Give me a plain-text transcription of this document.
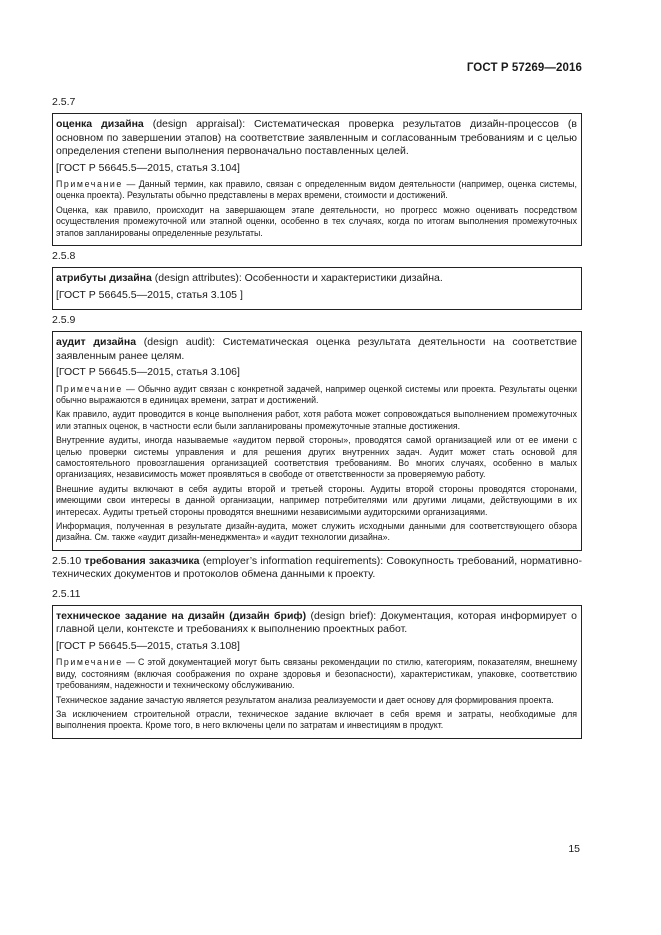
ГОСТ Р 57269—2016
2.5.7

оценка дизайна (design appraisal): Систематическая проверка результатов дизайн-процессов (в основном по завершении этапов) на соответствие заявленным и согласованным требованиям и с целью определения степени выполнения первоначально поставленных целей.

[ГОСТ Р 56645.5—2015, статья 3.104]

Примечание — Данный термин, как правило, связан с определенным видом деятельности (например, оценка системы, оценка проекта). Результаты обычно представлены в мерах времени, стоимости и достижений.

Оценка, как правило, происходит на завершающем этапе деятельности, но прогресс можно оценивать посредством осуществления промежуточной или этапной оценки, особенно в тех случаях, когда по итогам выполнения промежуточных этапов запланированы определенные результаты.

2.5.8

атрибуты дизайна (design attributes): Особенности и характеристики дизайна.

[ГОСТ Р 56645.5—2015, статья 3.105 ]

2.5.9

аудит дизайна (design audit): Систематическая оценка результата деятельности на соответствие заявленным ранее целям.

[ГОСТ Р 56645.5—2015, статья 3.106]

Примечание — Обычно аудит связан с конкретной задачей, например оценкой системы или проекта. Результаты оценки обычно выражаются в единицах времени, затрат и достижений.

Как правило, аудит проводится в конце выполнения работ, хотя работа может сопровождаться выполнением промежуточных или этапных оценок, в частности если были запланированы промежуточные этапные достижения.

Внутренние аудиты, иногда называемые «аудитом первой стороны», проводятся самой организацией или от ее имени с целью проверки системы управления и для решения других внутренних задач. Аудит может стать основой для самостоятельного провозглашения организацией соответствия требованиям. Во многих случаях, особенно в малых организациях, независимость может проявляться в свободе от ответственности за проверяемую работу.

Внешние аудиты включают в себя аудиты второй и третьей стороны. Аудиты второй стороны проводятся сторонами, имеющими свои интересы в данной организации, например потребителями или другими лицами, действующими в их интересах. Аудиты третьей стороны проводятся внешними независимыми аудиторскими организациями.

Информация, полученная в результате дизайн-аудита, может служить исходными данными для соответствующего обзора дизайна. См. также «аудит дизайн-менеджмента» и «аудит технологии дизайна».

2.5.10 требования заказчика (employer’s information requirements): Совокупность требований, нормативно-технических документов и протоколов обмена данными к проекту.

2.5.11

техническое задание на дизайн (дизайн бриф) (design brief): Документация, которая информирует о главной цели, контексте и требованиях к выполнению проектных работ.

[ГОСТ Р 56645.5—2015, статья 3.108]

Примечание — С этой документацией могут быть связаны рекомендации по стилю, категориям, показателям, внешнему виду, состояниям (включая соображения по охране здоровья и безопасности), характеристикам, упаковке, соответствию требованиям, надежности и техническому обслуживанию.

Техническое задание зачастую является результатом анализа реализуемости и дает основу для формирования проекта.

За исключением строительной отрасли, техническое задание включает в себя время и затраты, необходимые для выполнения проекта. Кроме того, в него включены цели по затратам и инвестициям в продукт.

15
